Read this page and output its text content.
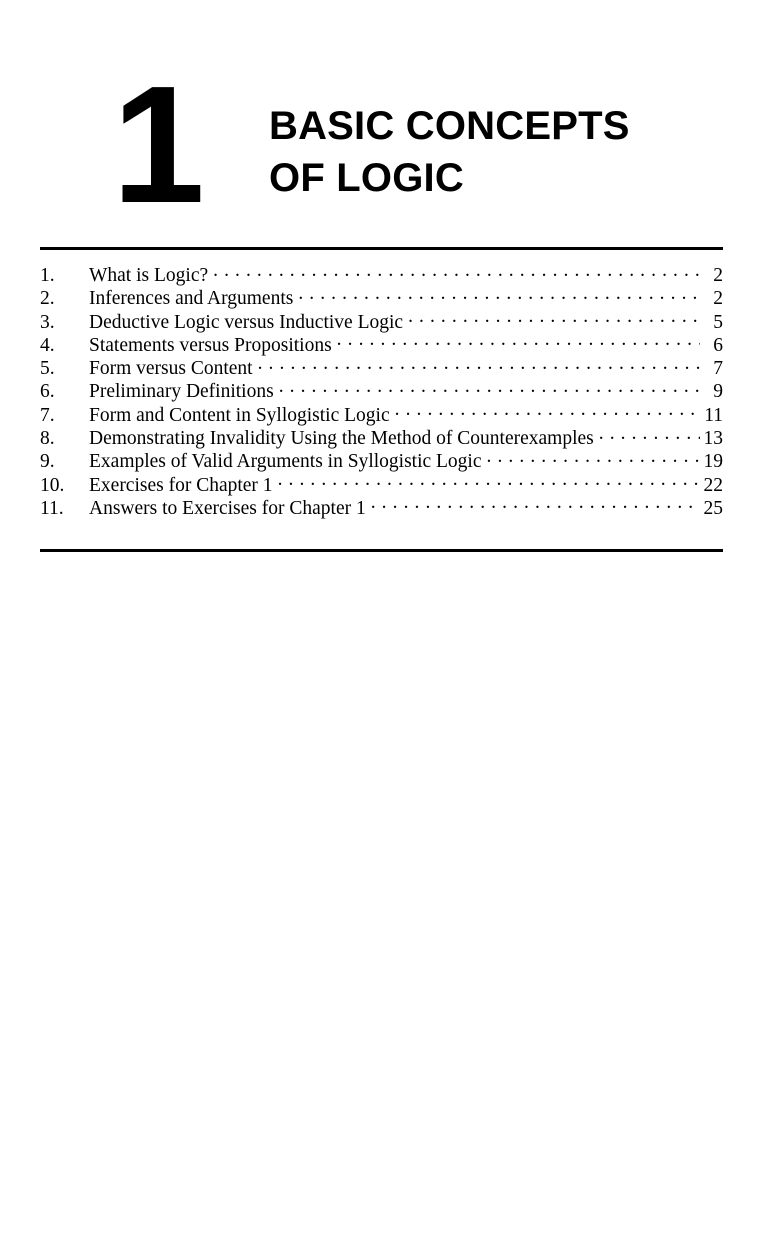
1 BASIC CONCEPTS
OF LOGIC
1.	What is Logic? . . .	2
2.	Inferences and Arguments . . .	2
3.	Deductive Logic versus Inductive Logic . . .	5
4.	Statements versus Propositions . . .	6
5.	Form versus Content . . .	7
6.	Preliminary Definitions . . .	9
7.	Form and Content in Syllogistic Logic . . .	11
8.	Demonstrating Invalidity Using the Method of Counterexamples . . .	13
9.	Examples of Valid Arguments in Syllogistic Logic . . .	19
10.	Exercises for Chapter 1 . . .	22
11.	Answers to Exercises for Chapter 1 . . .	25
